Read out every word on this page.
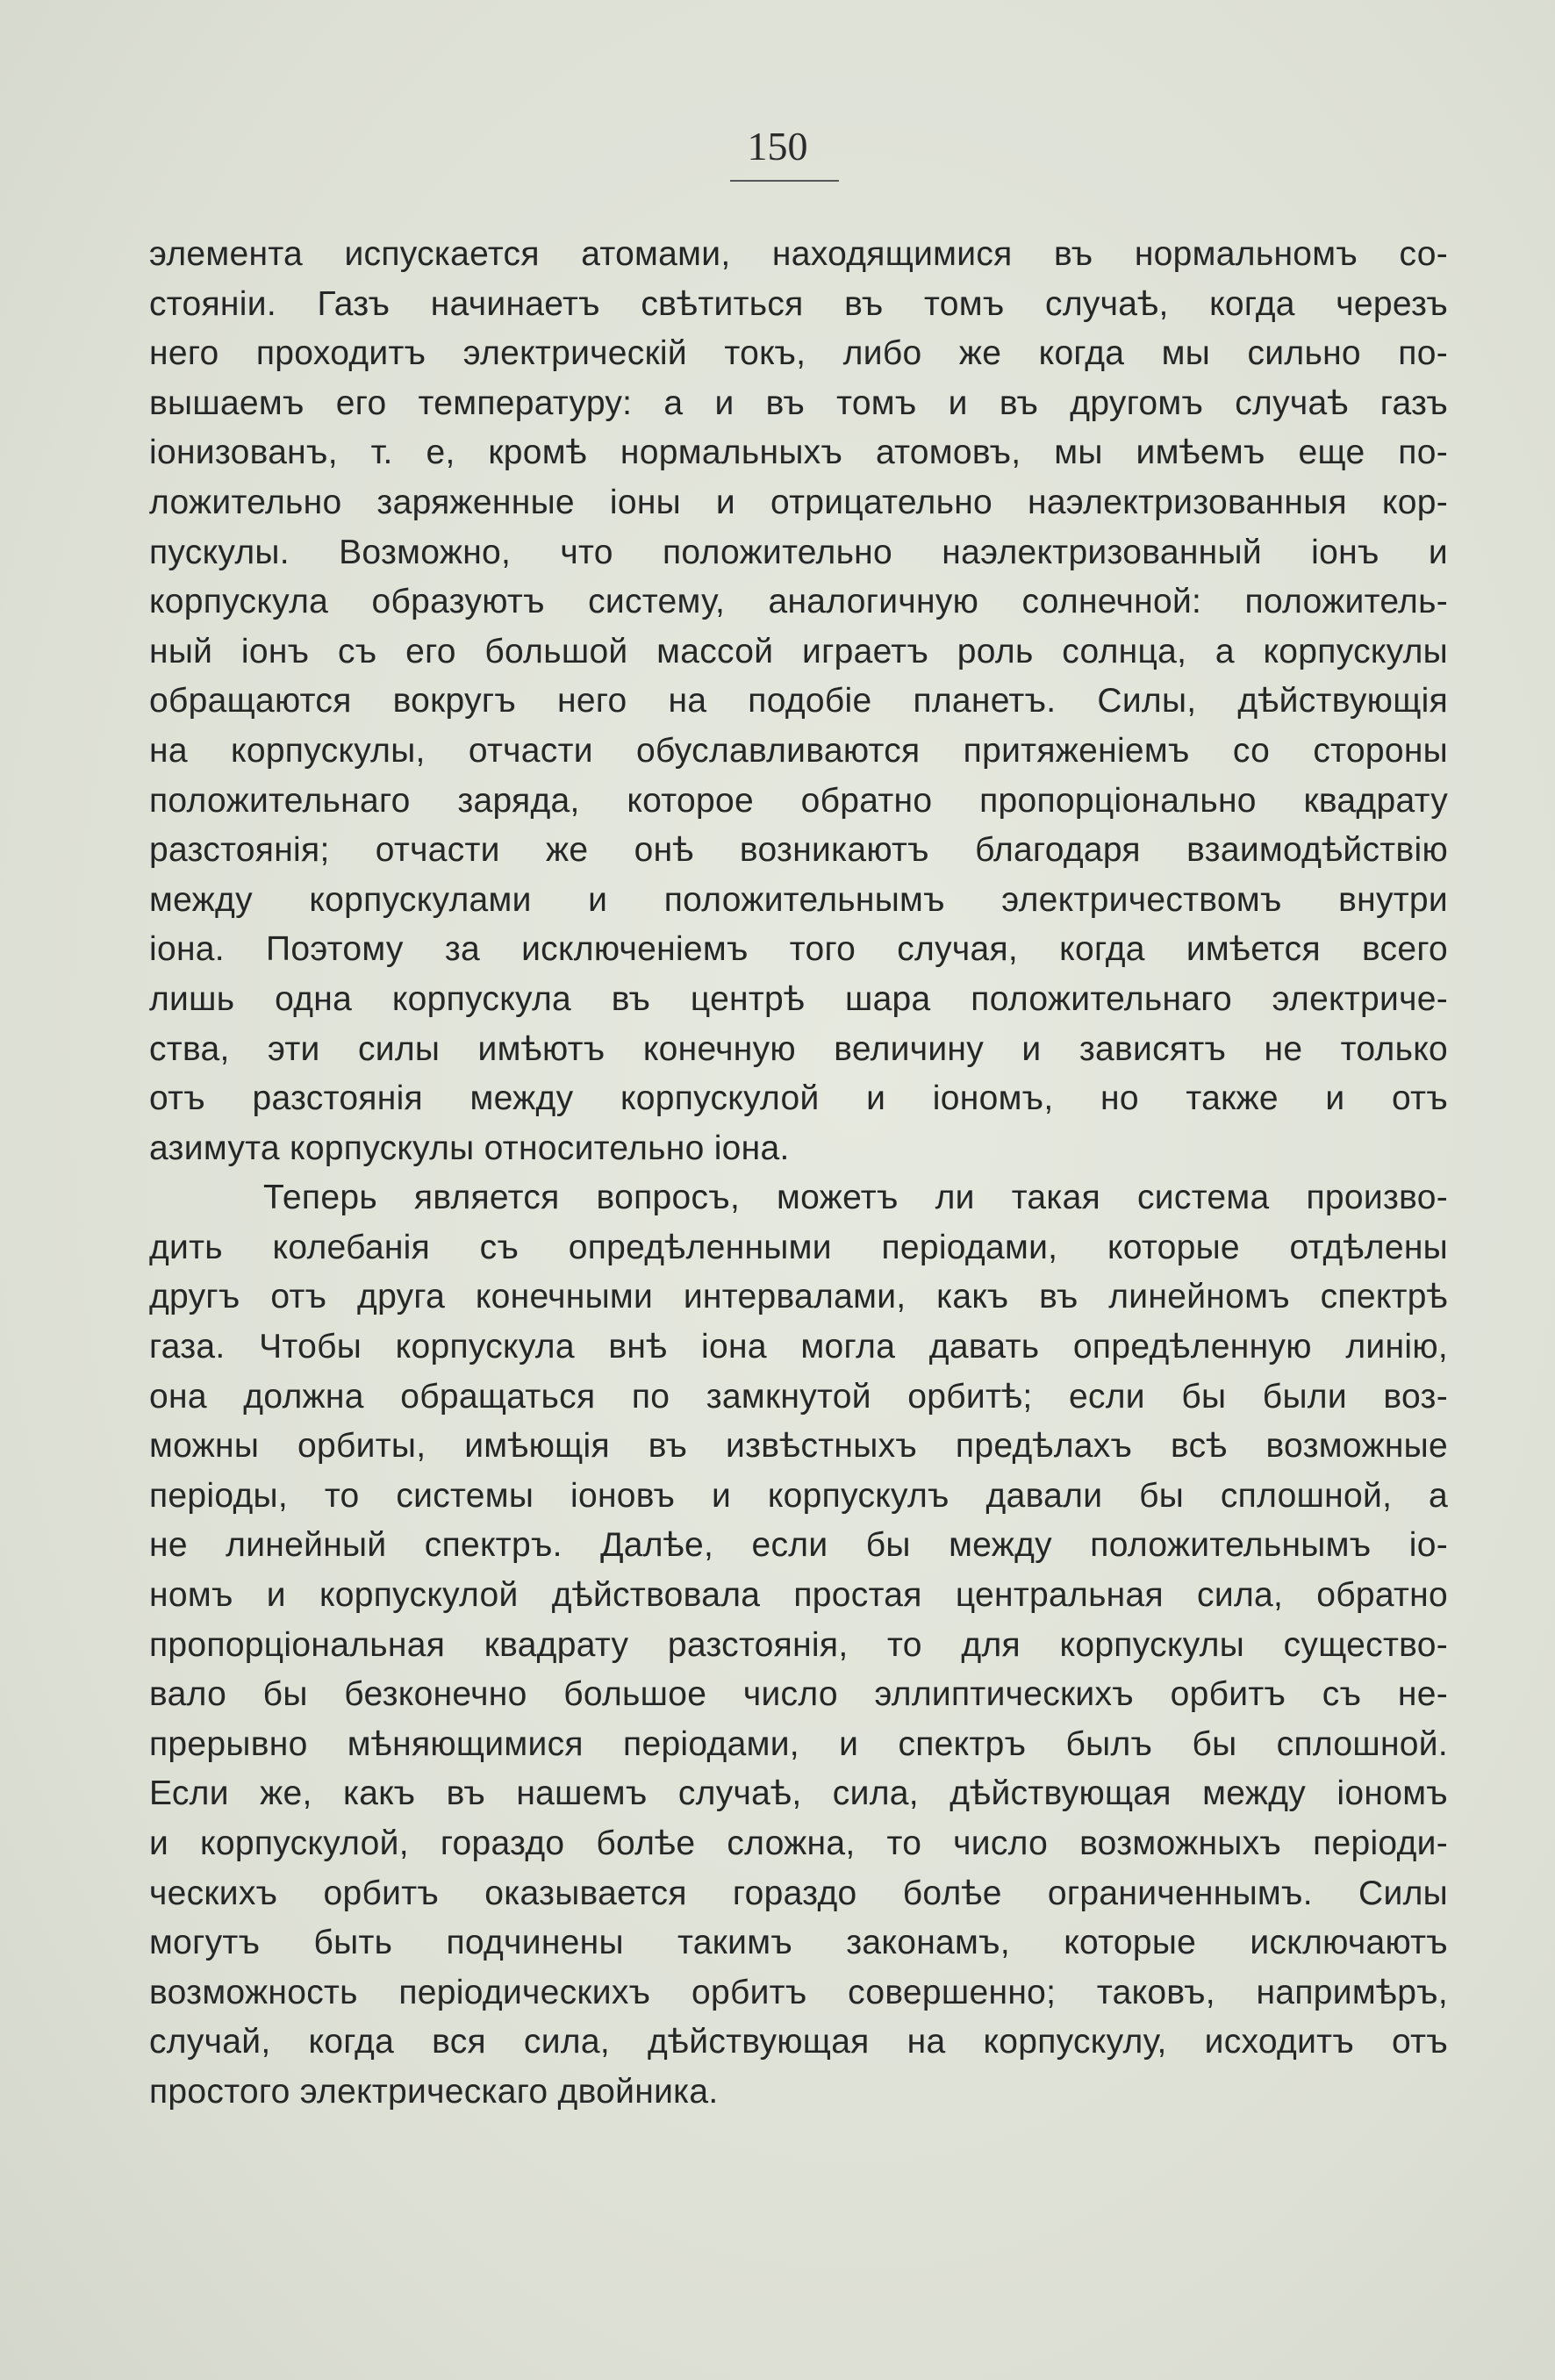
150
элемента испускается атомами, находящимися въ нормальномъ со-
стояніи. Газъ начинаетъ свѣтиться въ томъ случаѣ, когда черезъ
него проходитъ электрическій токъ, либо же когда мы сильно по-
вышаемъ его температуру: а и въ томъ и въ другомъ случаѣ газъ
іонизованъ, т. е, кромѣ нормальныхъ атомовъ, мы имѣемъ еще по-
ложительно заряженные іоны и отрицательно наэлектризованныя кор-
пускулы. Возможно, что положительно наэлектризованный іонъ и
корпускула образуютъ систему, аналогичную солнечной: положитель-
ный іонъ съ его большой массой играетъ роль солнца, а корпускулы
обращаются вокругъ него на подобіе планетъ. Силы, дѣйствующія
на корпускулы, отчасти обуславливаются притяженіемъ со стороны
положительнаго заряда, которое обратно пропорціонально квадрату
разстоянія; отчасти же онѣ возникаютъ благодаря взаимодѣйствію
между корпускулами и положительнымъ электричествомъ внутри
іона. Поэтому за исключеніемъ того случая, когда имѣется всего
лишь одна корпускула въ центрѣ шара положительнаго электриче-
ства, эти силы имѣютъ конечную величину и зависятъ не только
отъ разстоянія между корпускулой и іономъ, но также и отъ
азимута корпускулы относительно іона.
Теперь является вопросъ, можетъ ли такая система произво-
дить колебанія съ опредѣленными періодами, которые отдѣлены
другъ отъ друга конечными интервалами, какъ въ линейномъ спектрѣ
газа. Чтобы корпускула внѣ іона могла давать опредѣленную линію,
она должна обращаться по замкнутой орбитѣ; если бы были воз-
можны орбиты, имѣющія въ извѣстныхъ предѣлахъ всѣ возможные
періоды, то системы іоновъ и корпускулъ давали бы сплошной, а
не линейный спектръ. Далѣе, если бы между положительнымъ іо-
номъ и корпускулой дѣйствовала простая центральная сила, обратно
пропорціональная квадрату разстоянія, то для корпускулы существо-
вало бы безконечно большое число эллиптическихъ орбитъ съ не-
прерывно мѣняющимися періодами, и спектръ былъ бы сплошной.
Если же, какъ въ нашемъ случаѣ, сила, дѣйствующая между іономъ
и корпускулой, гораздо болѣе сложна, то число возможныхъ періоди-
ческихъ орбитъ оказывается гораздо болѣе ограниченнымъ. Силы
могутъ быть подчинены такимъ законамъ, которые исключаютъ
возможность періодическихъ орбитъ совершенно; таковъ, напримѣръ,
случай, когда вся сила, дѣйствующая на корпускулу, исходитъ отъ
простого электрическаго двойника.
